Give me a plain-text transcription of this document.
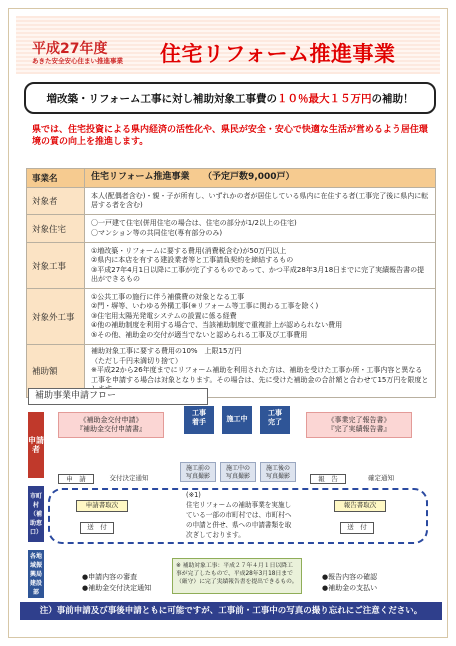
平成27年度
あきた安全安心住まい推進事業 住宅リフォーム推進事業
増改築・リフォーム工事に対し補助対象工事費の １０％最大１５万円 の補助！
県では、住宅投資による県内経済の活性化や、県民が安全・安心で快適な生活が営めるよう居住環境の質の向上を推進します。
事業名	住宅リフォーム推進事業　　（予定戸数9,000戸）
対象者	本人(配偶者含む)・親・子が所有し、いずれかの者が居住している県内に在住する者(工事完了後に県内に転居する者を含む)

対象住宅	〇一戸建て住宅(併用住宅の場合は、住宅の部分が1/2以上の住宅)
〇マンション等の共同住宅(専有部分のみ)

対象工事	①増改築・リフォームに要する費用(消費税含む)が50万円以上
②県内に本店を有する建設業者等と工事請負契約を締結するもの
③平成27年4月1日以降に工事が完了するものであって、かつ平成28年3月18日までに完了実績報告書の提出ができるもの

対象外工事	①公共工事の施行に伴う補償費の対象となる工事
②門・塀等、いわゆる外構工事(※リフォーム等工事に関わる工事を除く)
③住宅用太陽光発電システムの設置に係る経費
④他の補助制度を利用する場合で、当該補助制度で重複計上が認められない費用
⑤その他、補助金の交付が適当でないと認められる工事及び工事費用

補助額	補助対象工事に要する費用の10%　上限15万円
（ただし千円未満切り捨て）
※平成22から26年度までにリフォーム補助を利用された方は、補助を受けた工事か所・工事内容と異なる工事を申請する場合は対象となります。その場合は、先に受けた補助金の合計額と合わせて15万円を限度と
補助事業申請フロー
申請者
市町村（補助窓口）
各地域振興局建設部
《補助金交付申請》
『補助金交付申請書』
《事業完了報告書》
『完了実績報告書』
工事
着手	施工中
工事
完了
施工前の
写真撮影
施工中の
写真撮影
施工後の
写真撮影
申　請	交付決定通知	報　告	確定通知
申請書取次
送　付
報告書取次
送　付
(※1)
住宅リフォームの補助事業を実施している一部の市町村では、市町村への申請と併せ、県への申請書類を取次ぎしております。
※ 補助対象工事：平成２７年４月１日以降工事が完了したもので、平成28年3月18日まで（厳守）に完了実績報告書を提出できるもの。
●申請内容の審査
●補助金交付決定通知
●報告内容の確認
●補助金の支払い
注）事前申請及び事後申請ともに可能ですが、工事前・工事中の写真の撮り忘れにご注意ください。
